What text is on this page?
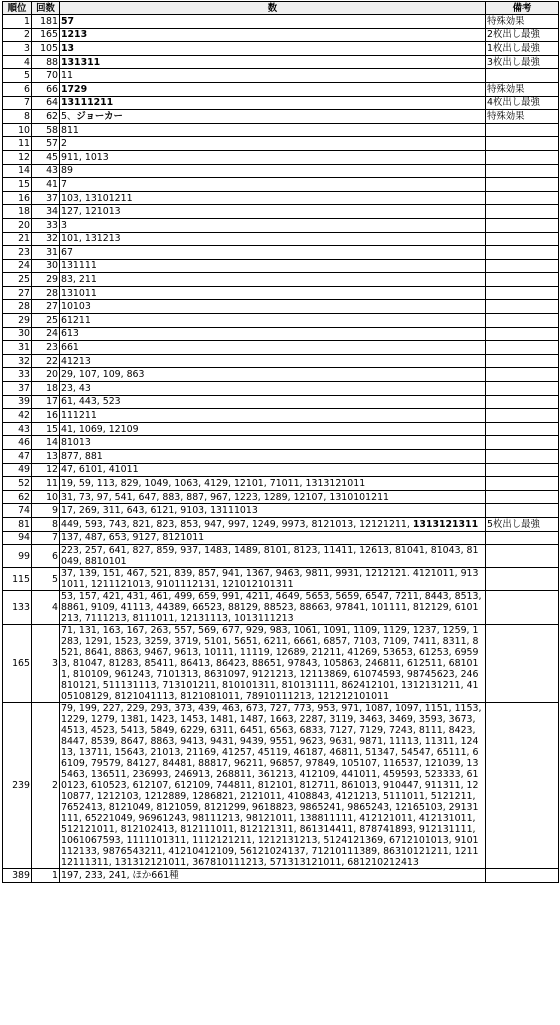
順位	回数	数	備考
1	181	57	特殊効果
2	165	1213	2枚出し最強
3	105	13	1枚出し最強
4	88	131311	3枚出し最強
5	70	11	
6	66	1729	特殊効果
7	64	13111211	4枚出し最強
8	62	5、ジョーカー	特殊効果
10	58	811	
11	57	2	
12	45	911, 1013	
14	43	89	
15	41	7	
16	37	103, 13101211	
18	34	127, 121013	
20	33	3	
21	32	101, 131213	
23	31	67	
24	30	131111	
25	29	83, 211	
27	28	131011	
28	27	10103	
29	25	61211	
30	24	613	
31	23	661	
32	22	41213	
33	20	29, 107, 109, 863	
37	18	23, 43	
39	17	61, 443, 523	
42	16	111211	
43	15	41, 1069, 12109	
46	14	81013	
47	13	877, 881	
49	12	47, 6101, 41011	
52	11	19, 59, 113, 829, 1049, 1063, 4129, 12101, 71011, 1313121011	
62	10	31, 73, 97, 541, 647, 883, 887, 967, 1223, 1289, 12107, 1310101211	
74	9	17, 269, 311, 643, 6121, 9103, 13111013	
81	8	449, 593, 743, 821, 823, 853, 947, 997, 1249, 9973, 8121013, 12121211, 1313121311	5枚出し最強
94	7	137, 487, 653, 9127, 8121011	
99	6	223, 257, 641, 827, 859, 937, 1483, 1489, 8101, 8123, 11411, 12613, 81041, 81043, 81049, 8810101	
115	5	37, 139, 151, 467, 521, 839, 857, 941, 1367, 9463, 9811, 9931, 1212121. 4121011, 9131011, 1211121013, 9101112131, 121012101311	
133	4	53, 157, 421, 431, 461, 499, 659, 991, 4211, 4649, 5653, 5659, 6547, 7211, 8443, 8513, 8861, 9109, 41113, 44389, 66523, 88129, 88523, 88663, 97841, 101111, 812129, 6101213, 7111213, 8111011, 12131113, 1013111213	
165	3	71, 131, 163, 167, 263, 557, 569, 677, 929, 983, 1061, 1091, 1109, 1129, 1237, 1259, 1283, 1291, 1523, 3259, 3719, 5101, 5651, 6211, 6661, 6857, 7103, 7109, 7411, 8311, 8521, 8641, 8863, 9467, 9613, 10111, 11119, 12689, 21211, 41269, 53653, 61253, 69593, 81047, 81283, 85411, 86413, 86423, 88651, 97843, 105863, 246811, 612511, 681011, 810109, 961243, 7101313, 8631097, 9121213, 12113869, 61074593, 98745623, 246810121, 511131113, 713101211, 810101311, 810131111, 862412101, 1312131211, 4105108129, 8121041113, 8121081011, 78910111213, 121212101011	
239	2	79, 199, 227, 229, 293, 373, 439, 463, 673, 727, 773, 953, 971, 1087, 1097, 1151, 1153, 1229, 1279, 1381, 1423, 1453, 1481, 1487, 1663, 2287, 3119, 3463, 3469, 3593, 3673, 4513, 4523, 5413, 5849, 6229, 6311, 6451, 6563, 6833, 7127, 7129, 7243, 8111, 8423, 8447, 8539, 8647, 8863, 9413, 9431, 9439, 9551, 9623, 9631, 9871, 11113, 11311, 12413, 13711, 15643, 21013, 21169, 41257, 45119, 46187, 46811, 51347, 54547, 65111, 66109, 79579, 84127, 84481, 88817, 96211, 96857, 97849, 105107, 116537, 121039, 135463, 136511, 236993, 246913, 268811, 361213, 412109, 441011, 459593, 523333, 610123, 610523, 612107, 612109, 744811, 812101, 812711, 861013, 910447, 911311, 1210877, 1212103, 1212889, 1286821, 2121011, 4108843, 4121213, 5111011, 5121211, 7652413, 8121049, 8121059, 8121299, 9618823, 9865241, 9865243, 12165103, 29131111, 65221049, 96961243, 98111213, 98121011, 138811111, 412121011, 412131011, 512121011, 812102413, 812111011, 812121311, 861314411, 878741893, 912131111, 1061067593, 1111101311, 1112121211, 1212131213, 5124121369, 6712101013, 9101112133, 9876543211, 41210412109, 56121024137, 71210111389, 86310121211, 121112111311, 131312121011, 367810111213, 571313121011, 681210212413	
389	1	197, 233, 241, ほか661種	
